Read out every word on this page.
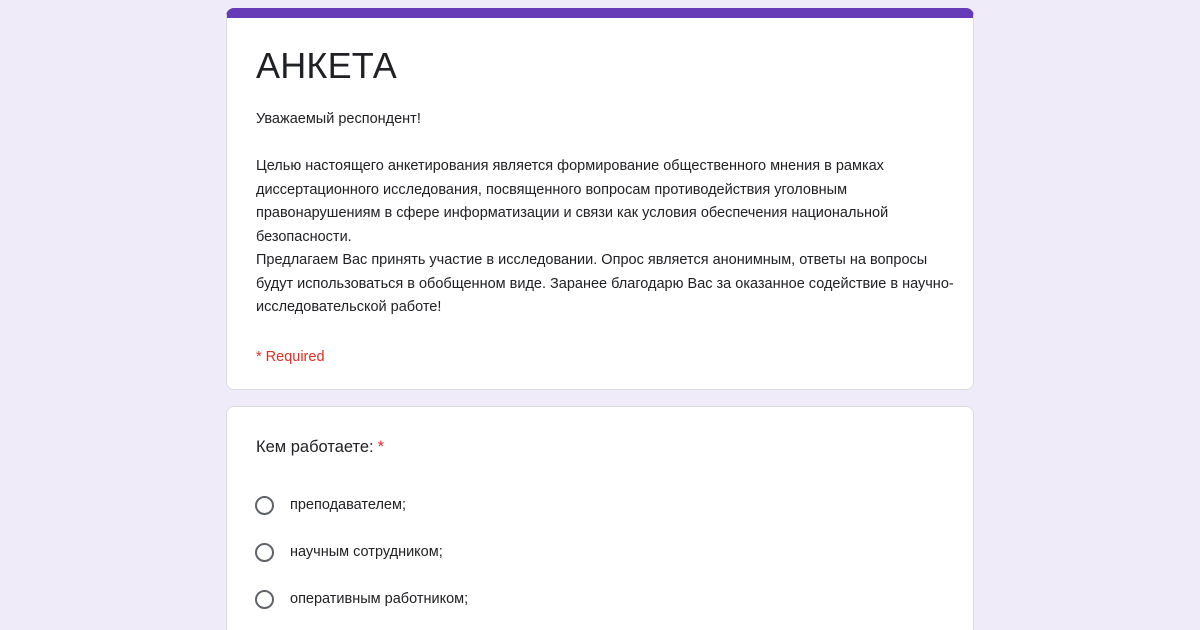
АНКЕТА
Уважаемый респондент!

Целью настоящего анкетирования является формирование общественного мнения в рамках диссертационного исследования, посвященного вопросам противодействия уголовным правонарушениям в сфере информатизации и связи как условия обеспечения национальной безопасности.
Предлагаем Вас принять участие в исследовании. Опрос является анонимным, ответы на вопросы будут использоваться в обобщенном виде. Заранее благодарю Вас за оказанное содействие в научно-исследовательской работе!
* Required
Кем работаете: *
преподавателем;
научным сотрудником;
оперативным работником;
